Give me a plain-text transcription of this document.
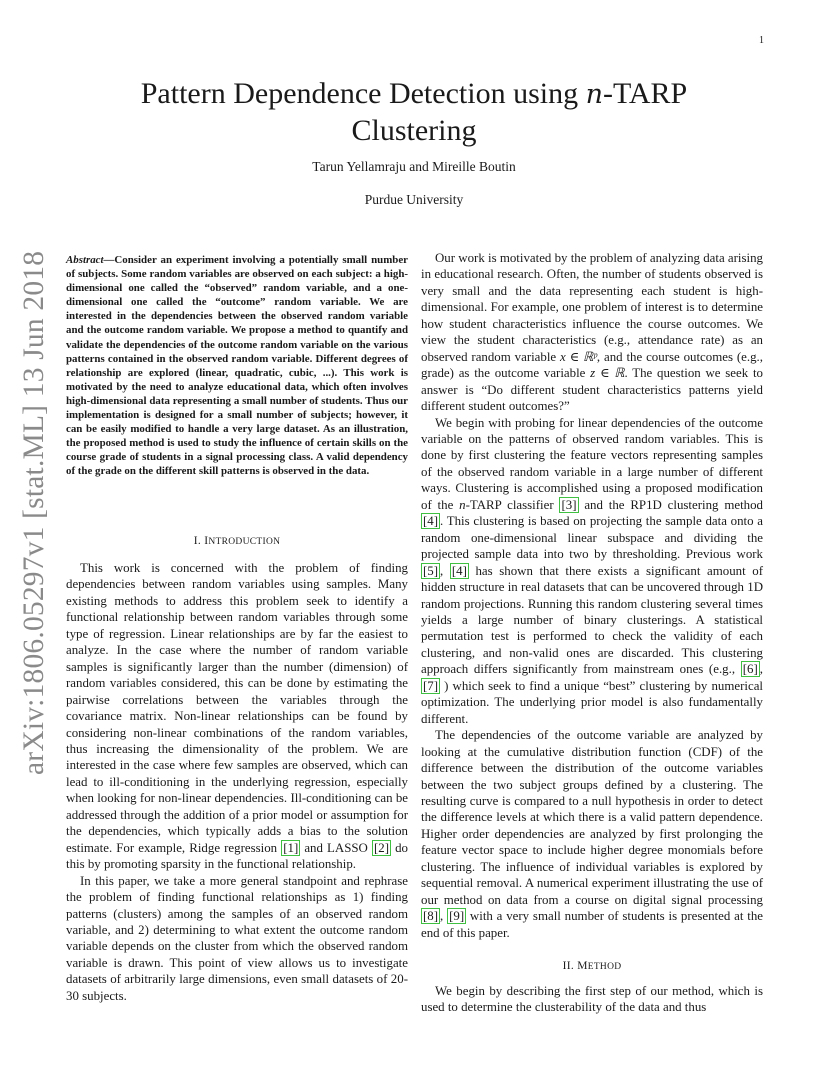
1
arXiv:1806.05297v1 [stat.ML] 13 Jun 2018
Pattern Dependence Detection using n-TARP
Clustering
Tarun Yellamraju and Mireille Boutin
Purdue University
Abstract—Consider an experiment involving a potentially small number of subjects. Some random variables are observed on each subject: a high-dimensional one called the “observed” random variable, and a one-dimensional one called the “outcome” random variable. We are interested in the dependencies between the observed random variable and the outcome random variable. We propose a method to quantify and validate the dependencies of the outcome random variable on the various patterns contained in the observed random variable. Different degrees of relationship are explored (linear, quadratic, cubic, ...). This work is motivated by the need to analyze educational data, which often involves high-dimensional data representing a small number of students. Thus our implementation is designed for a small number of subjects; however, it can be easily modified to handle a very large dataset. As an illustration, the proposed method is used to study the influence of certain skills on the course grade of students in a signal processing class. A valid dependency of the grade on the different skill patterns is observed in the data.
I. INTRODUCTION

This work is concerned with the problem of finding dependencies between random variables using samples. Many existing methods to address this problem seek to identify a functional relationship between random variables through some type of regression. Linear relationships are by far the easiest to analyze. In the case where the number of random variable samples is significantly larger than the number (dimension) of random variables considered, this can be done by estimating the pairwise correlations between the variables through the covariance matrix. Non-linear relationships can be found by considering non-linear combinations of the random variables, thus increasing the dimensionality of the problem. We are interested in the case where few samples are observed, which can lead to ill-conditioning in the underlying regression, especially when looking for non-linear dependencies. Ill-conditioning can be addressed through the addition of a prior model or assumption for the dependencies, which typically adds a bias to the solution estimate. For example, Ridge regression [1] and LASSO [2] do this by promoting sparsity in the functional relationship.

In this paper, we take a more general standpoint and rephrase the problem of finding functional relationships as 1) finding patterns (clusters) among the samples of an observed random variable, and 2) determining to what extent the outcome random variable depends on the cluster from which the observed random variable is drawn. This point of view allows us to investigate datasets of arbitrarily large dimensions, even small datasets of 20-30 subjects.

Our work is motivated by the problem of analyzing data arising in educational research. Often, the number of students observed is very small and the data representing each student is high-dimensional. For example, one problem of interest is to determine how student characteristics influence the course outcomes. We view the student characteristics (e.g., attendance rate) as an observed random variable x ∈ ℝᵖ, and the course outcomes (e.g., grade) as the outcome variable z ∈ ℝ. The question we seek to answer is “Do different student characteristics patterns yield different student outcomes?”

We begin with probing for linear dependencies of the outcome variable on the patterns of observed random variables. This is done by first clustering the feature vectors representing samples of the observed random variable in a large number of different ways. Clustering is accomplished using a proposed modification of the n-TARP classifier [3] and the RP1D clustering method [4] . This clustering is based on projecting the sample data onto a random one-dimensional linear subspace and dividing the projected sample data into two by thresholding. Previous work [5] , [4] has shown that there exists a significant amount of hidden structure in real datasets that can be uncovered through 1D random projections. Running this random clustering several times yields a large number of binary clusterings. A statistical permutation test is performed to check the validity of each clustering, and non-valid ones are discarded. This clustering approach differs significantly from mainstream ones (e.g., [6] , [7] ) which seek to find a unique “best” clustering by numerical optimization. The underlying prior model is also fundamentally different.

The dependencies of the outcome variable are analyzed by looking at the cumulative distribution function (CDF) of the difference between the distribution of the outcome variables between the two subject groups defined by a clustering. The resulting curve is compared to a null hypothesis in order to detect the difference levels at which there is a valid pattern dependence. Higher order dependencies are analyzed by first prolonging the feature vector space to include higher degree monomials before clustering. The influence of individual variables is explored by sequential removal. A numerical experiment illustrating the use of our method on data from a course on digital signal processing [8] , [9] with a very small number of students is presented at the end of this paper.

II. METHOD

We begin by describing the first step of our method, which is used to determine the clusterability of the data and thus
